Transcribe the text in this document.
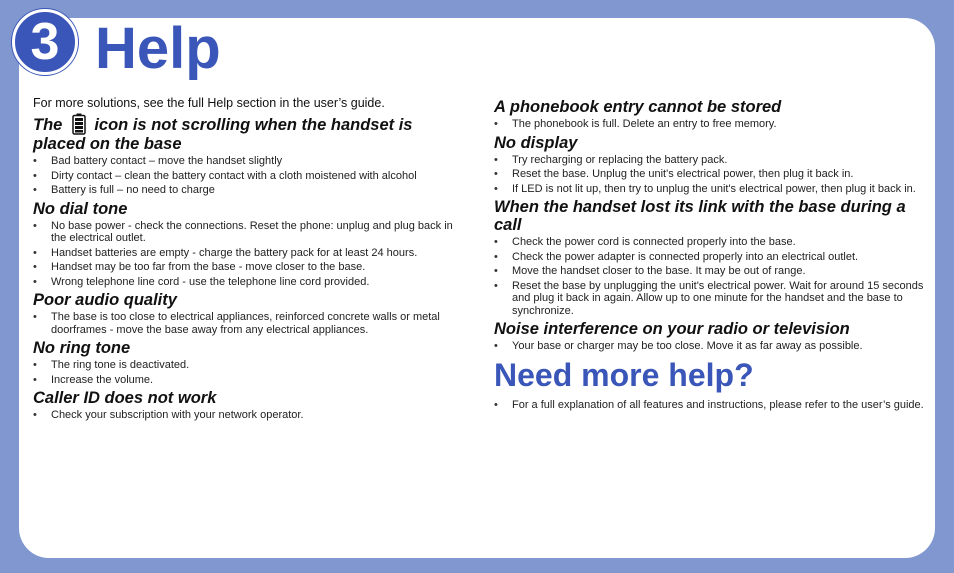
3 Help

For more solutions, see the full Help section in the user’s guide.

The icon is not scrolling when the handset is placed on the base
• Bad battery contact – move the handset slightly
• Dirty contact – clean the battery contact with a cloth moistened with alcohol
• Battery is full – no need to charge
No dial tone
• No base power - check the connections. Reset the phone: unplug and plug back in the electrical outlet.
• Handset batteries are empty - charge the battery pack for at least 24 hours.
• Handset may be too far from the base - move closer to the base.
• Wrong telephone line cord - use the telephone line cord provided.
Poor audio quality
• The base is too close to electrical appliances, reinforced concrete walls or metal doorframes - move the base away from any electrical appliances.
No ring tone
• The ring tone is deactivated.
• Increase the volume.
Caller ID does not work
• Check your subscription with your network operator.
A phonebook entry cannot be stored
• The phonebook is full. Delete an entry to free memory.
No display
• Try recharging or replacing the battery pack.
• Reset the base. Unplug the unit's electrical power, then plug it back in.
• If LED is not lit up, then try to unplug the unit's electrical power, then plug it back in.
When the handset lost its link with the base during a call
• Check the power cord is connected properly into the base.
• Check the power adapter is connected properly into an electrical outlet.
• Move the handset closer to the base. It may be out of range.
• Reset the base by unplugging the unit's electrical power. Wait for around 15 seconds and plug it back in again. Allow up to one minute for the handset and the base to synchronize.
Noise interference on your radio or television
• Your base or charger may be too close. Move it as far away as possible.
Need more help?
• For a full explanation of all features and instructions, please refer to the user’s guide.
